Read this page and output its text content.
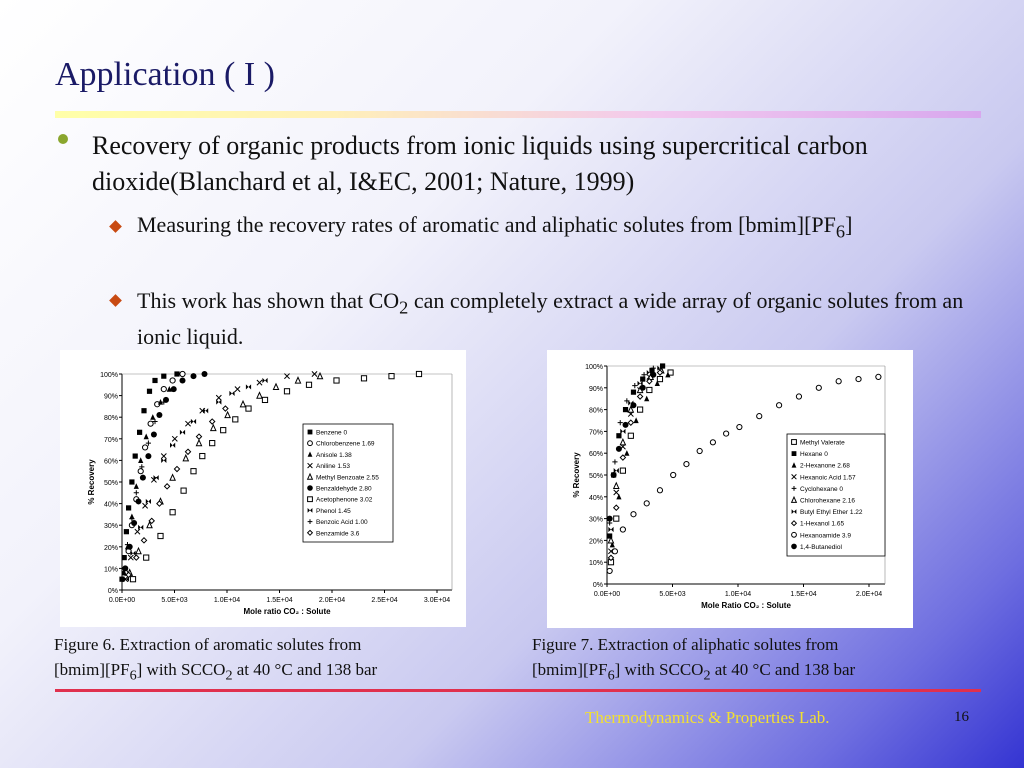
Application ( I )
Recovery of organic products from ionic liquids using supercritical carbon dioxide(Blanchard et al, I&EC, 2001; Nature, 1999)
Measuring the recovery rates of aromatic and aliphatic solutes from $[bmim][PF_6]$
This work has shown that $CO_2$ can completely extract a wide array of organic solutes from an ionic liquid.
0%
10%
20%
30%
40%
50%
60%
70%
80%
90%
100%
0.0E+00	5.0E+03	1.0E+04	1.5E+04	2.0E+04	2.5E+04	3.0E+04
Mole ratio CO₂ : Solute
% Recovery
Benzene 0
Chlorobenzene 1.69
Anisole 1.38
Aniline 1.53
Methyl Benzoate 2.55
Benzaldehyde 2.80
Acetophenone 3.02
Phenol 1.45
Benzoic Acid 1.00
Benzamide 3.6
0%
10%
20%
30%
40%
50%
60%
70%
80%
90%
100%
0.0E+00	5.0E+03	1.0E+04	1.5E+04	2.0E+04
Mole Ratio CO₂ : Solute
% Recovery
Methyl Valerate
Hexane 0
2-Hexanone 2.68
Hexanoic Acid 1.57
Cyclohexane 0
Chlorohexane 2.16
Butyl Ethyl Ether 1.22
1-Hexanol 1.65
Hexanoamide 3.9
1,4-Butanediol
Figure 6. Extraction of aromatic solutes from
$[bmim][PF_6]$ with $SCCO_2$ at 40 °C and 138 bar
Figure 7. Extraction of aliphatic solutes from
$[bmim][PF_6]$ with $SCCO_2$ at 40 °C and 138 bar
Thermodynamics & Properties Lab.	16
